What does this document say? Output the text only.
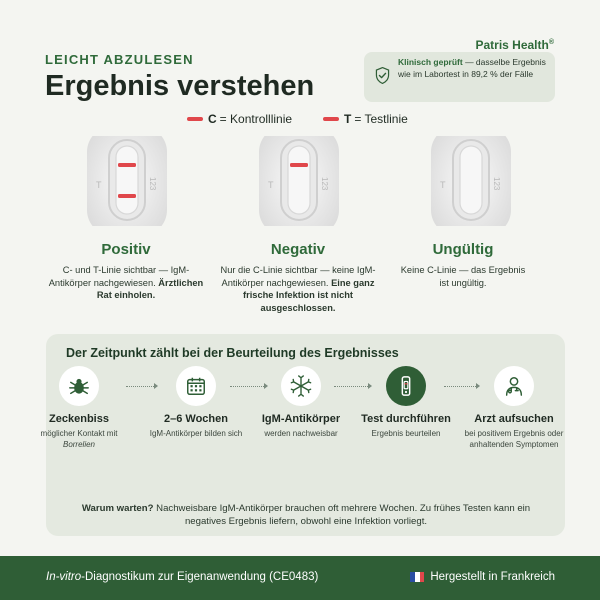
LEICHT ABZULESEN
Ergebnis verstehen
Patris Health®
Klinisch geprüft — dasselbe Ergebnis wie im Labortest in 89,2 % der Fälle
C = Kontrolllinie	T = Testlinie
T	123	T	123	T	123
Positiv
C- und T-Linie sichtbar — IgM-Antikörper nachgewiesen. Ärztlichen Rat einholen.
Negativ
Nur die C-Linie sichtbar — keine IgM-Antikörper nachgewiesen. Eine ganz frische Infektion ist nicht ausgeschlossen.
Ungültig
Keine C-Linie — das Ergebnis ist ungültig.
Der Zeitpunkt zählt bei der Beurteilung des Ergebnisses
Zeckenbiss
möglicher Kontakt mit Borrelien
2–6 Wochen
IgM-Antikörper bilden sich
IgM-Antikörper
werden nachweisbar
Test durchführen
Ergebnis beurteilen
Arzt aufsuchen
bei positivem Ergebnis oder anhaltenden Symptomen
Warum warten? Nachweisbare IgM-Antikörper brauchen oft mehrere Wochen. Zu frühes Testen kann ein negatives Ergebnis liefern, obwohl eine Infektion vorliegt.
In-vitro-Diagnostikum zur Eigenanwendung (CE0483)	Hergestellt in Frankreich
